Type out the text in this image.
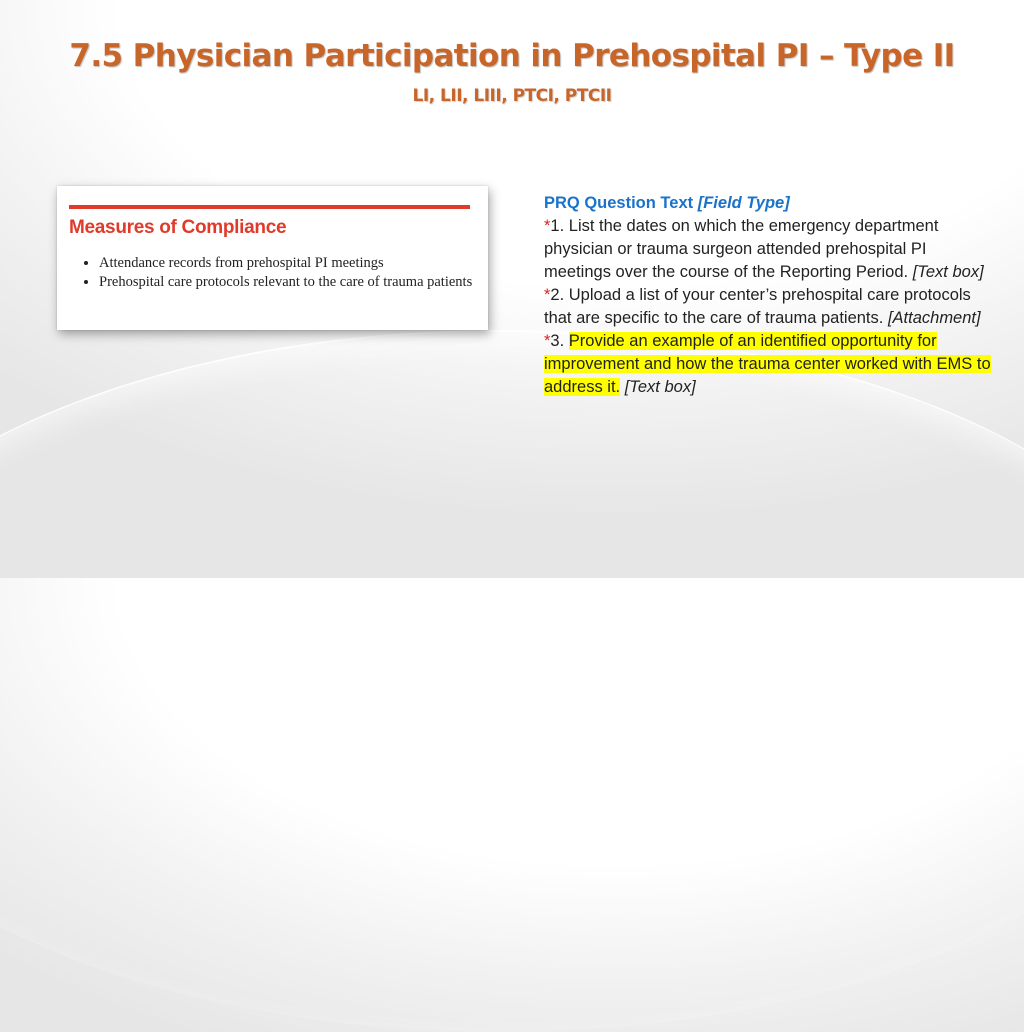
7.5 Physician Participation in Prehospital PI – Type II
LI, LII, LIII, PTCI, PTCII
Measures of Compliance
• Attendance records from prehospital PI meetings
• Prehospital care protocols relevant to the care of trauma patients

PRQ Question Text [Field Type]

*1. List the dates on which the emergency department physician or trauma surgeon attended prehospital PI meetings over the course of the Reporting Period. [Text box]

*2. Upload a list of your center’s prehospital care protocols that are specific to the care of trauma patients. [Attachment]

*3. Provide an example of an identified opportunity for improvement and how the trauma center worked with EMS to address it. [Text box]
